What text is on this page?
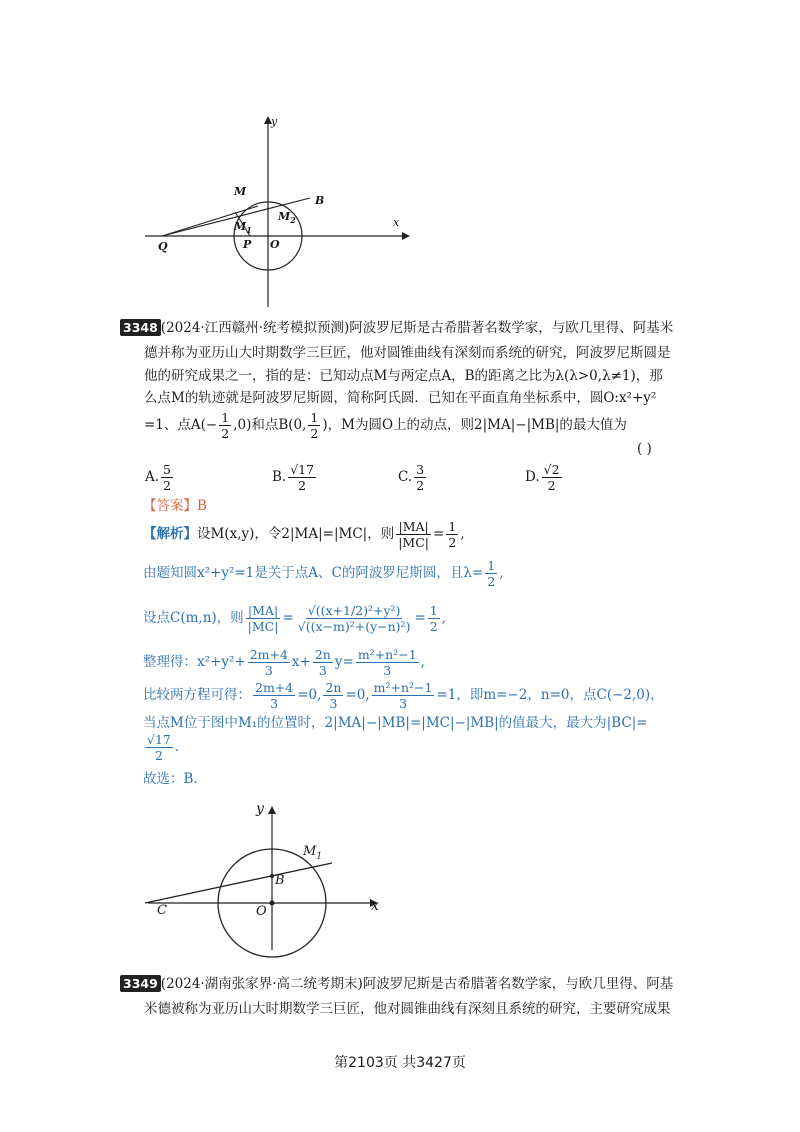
y
x
M
B
$M_1$
$M_2$
Q	P O
3348 (2024·江西赣州·统考模拟预测)阿波罗尼斯是古希腊著名数学家，与欧几里得、阿基米
德并称为亚历山大时期数学三巨匠，他对圆锥曲线有深刻而系统的研究，阿波罗尼斯圆是
他的研究成果之一，指的是：已知动点M与两定点A，B的距离之比为λ(λ>0,λ≠1)，那
么点M的轨迹就是阿波罗尼斯圆，简称阿氏圆．已知在平面直角坐标系中，圆O:x²+y²
=1、点$A(- \frac{1}{2} ,0)$和点B(0, $\frac{1}{2}$ )，M为圆O上的动点，则2|MA|−|MB|的最大值为
( )
A. $\frac{5}{2}$	B. $\frac{√17}{2}$	C. $\frac{3}{2}$	D. $\frac{√2}{2}$
【答案】B
【解析】设M(x,y)，令2|MA|=|MC|，则 $\frac{|MA|}{|MC|} = \frac{1}{2}$ ,
由题知圆x²+y²=1是关于点A、C的阿波罗尼斯圆，且$\lambda= \frac{1}{2}$ ,
设点C(m,n)，则 $\frac{|MA|}{|MC|} = \frac{\text{√((x+1/2)²+y²)}}{\text{√((x−m)²+(y−n)²)}} = \frac{1}{2}$ ,
整理得：$x^2+y^2+ \frac{2m+4}{3} x+ \frac{2n}{3} y= \frac{\text{m²+n²−1}}{3}$ ,
比较两方程可得： $\frac{2m+4}{3} =0$, $\frac{2n}{3} =0$, $\frac{\text{m²+n²−1}}{3} =1$，即m=−2，n=0，点C(−2,0)，
当点M位于图中M₁的位置时，2|MA|−|MB|=|MC|−|MB|的值最大，最大为|BC|=
$\frac{√17}{2}$ .
故选：B.
y
x
$M_1$
B
C	O
3349 (2024·湖南张家界·高二统考期末)阿波罗尼斯是古希腊著名数学家，与欧几里得、阿基
米德被称为亚历山大时期数学三巨匠，他对圆锥曲线有深刻且系统的研究，主要研究成果
第2103页 共3427页
